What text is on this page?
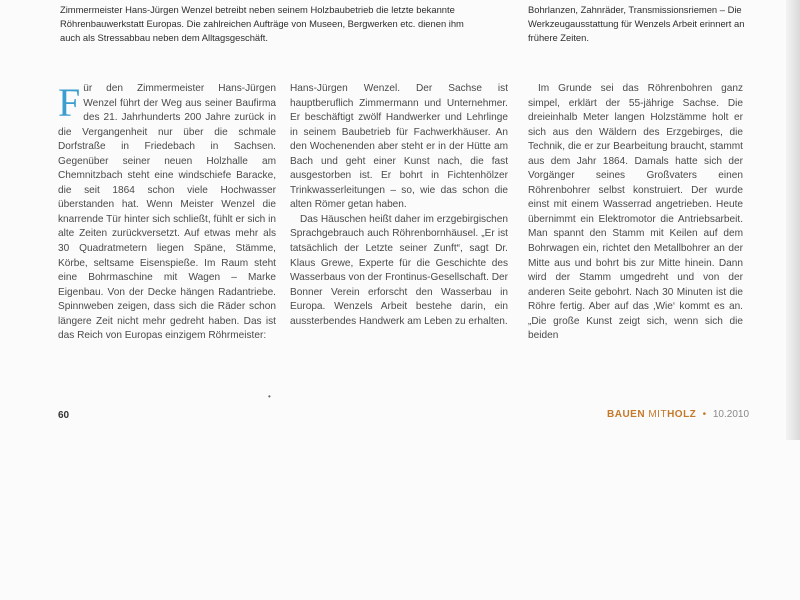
Zimmermeister Hans-Jürgen Wenzel betreibt neben seinem Holzbaubetrieb die letzte bekannte Röhrenbauwerkstatt Europas. Die zahlreichen Aufträge von Museen, Bergwerken etc. dienen ihm auch als Stressabbau neben dem Alltagsgeschäft.
Bohrlanzen, Zahnräder, Transmissionsriemen – Die Werkzeugausstattung für Wenzels Arbeit erinnert an frühere Zeiten.

Für den Zimmermeister Hans-Jürgen Wenzel führt der Weg aus seiner Baufirma des 21. Jahrhunderts 200 Jahre zurück in die Vergangenheit nur über die schmale Dorfstraße in Friedebach in Sachsen. Gegenüber seiner neuen Holzhalle am Chemnitzbach steht eine windschiefe Baracke, die seit 1864 schon viele Hochwasser überstanden hat. Wenn Meister Wenzel die knarrende Tür hinter sich schließt, fühlt er sich in alte Zeiten zurückversetzt. Auf etwas mehr als 30 Quadratmetern liegen Späne, Stämme, Körbe, seltsame Eisenspieße. Im Raum steht eine Bohrmaschine mit Wagen – Marke Eigenbau. Von der Decke hängen Radantriebe. Spinnweben zeigen, dass sich die Räder schon längere Zeit nicht mehr gedreht haben. Das ist das Reich von Europas einzigem Röhrmeister:

Hans-Jürgen Wenzel. Der Sachse ist hauptberuflich Zimmermann und Unternehmer. Er beschäftigt zwölf Handwerker und Lehrlinge in seinem Baubetrieb für Fachwerkhäuser. An den Wochenenden aber steht er in der Hütte am Bach und geht einer Kunst nach, die fast ausgestorben ist. Er bohrt in Fichtenhölzer Trinkwasserleitungen – so, wie das schon die alten Römer getan haben.

Das Häuschen heißt daher im erzgebirgischen Sprachgebrauch auch Röhrenbornhäusel. „Er ist tatsächlich der Letzte seiner Zunft“, sagt Dr. Klaus Grewe, Experte für die Geschichte des Wasserbaus von der Frontinus-Gesellschaft. Der Bonner Verein erforscht den Wasserbau in Europa. Wenzels Arbeit bestehe darin, ein aussterbendes Handwerk am Leben zu erhalten.

Im Grunde sei das Röhrenbohren ganz simpel, erklärt der 55-jährige Sachse. Die dreieinhalb Meter langen Holzstämme holt er sich aus den Wäldern des Erzgebirges, die Technik, die er zur Bearbeitung braucht, stammt aus dem Jahr 1864. Damals hatte sich der Vorgänger seines Großvaters einen Röhrenbohrer selbst konstruiert. Der wurde einst mit einem Wasserrad angetrieben. Heute übernimmt ein Elektromotor die Antriebsarbeit. Man spannt den Stamm mit Keilen auf dem Bohrwagen ein, richtet den Metallbohrer an der Mitte aus und bohrt bis zur Mitte hinein. Dann wird der Stamm umgedreht und von der anderen Seite gebohrt. Nach 30 Minuten ist die Röhre fertig. Aber auf das ‚Wie‘ kommt es an. „Die große Kunst zeigt sich, wenn sich die beiden

•
60	BAUEN MITHOLZ • 10.2010
